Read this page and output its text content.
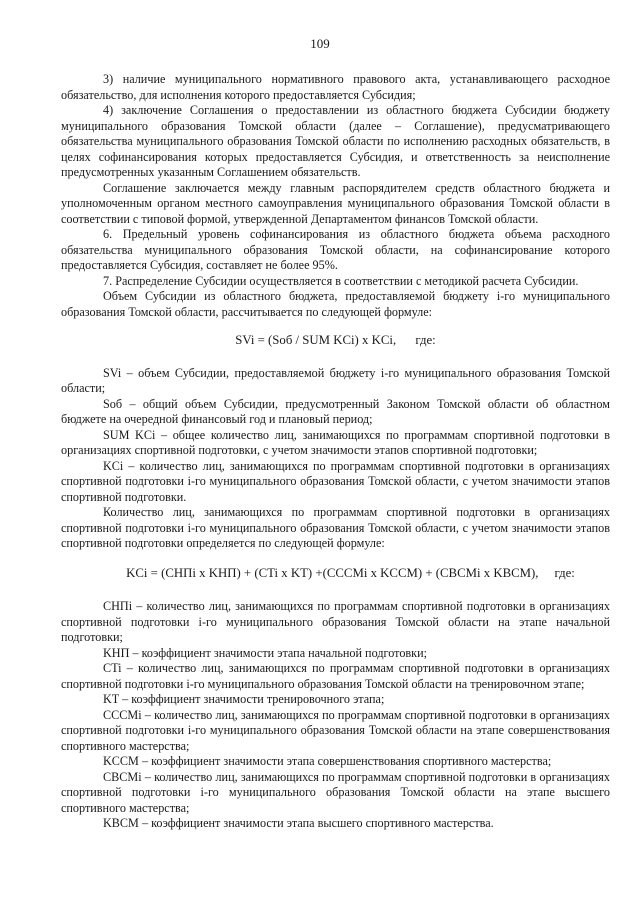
109

3) наличие муниципального нормативного правового акта, устанавливающего расходное обязательство, для исполнения которого предоставляется Субсидия;

4) заключение Соглашения о предоставлении из областного бюджета Субсидии бюджету муниципального образования Томской области (далее – Соглашение), предусматривающего обязательства муниципального образования Томской области по исполнению расходных обязательств, в целях софинансирования которых предоставляется Субсидия, и ответственность за неисполнение предусмотренных указанным Соглашением обязательств.

Соглашение заключается между главным распорядителем средств областного бюджета и уполномоченным органом местного самоуправления муниципального образования Томской области в соответствии с типовой формой, утвержденной Департаментом финансов Томской области.

6. Предельный уровень софинансирования из областного бюджета объема расходного обязательства муниципального образования Томской области, на софинансирование которого предоставляется Субсидия, составляет не более 95%.

7. Распределение Субсидии осуществляется в соответствии с методикой расчета Субсидии.

Объем Субсидии из областного бюджета, предоставляемой бюджету i-го муниципального образования Томской области, рассчитывается по следующей формуле:

SVi = (Sоб / SUM KCi) x KCi,      где:

SVi – объем Субсидии, предоставляемой бюджету i-го муниципального образования Томской области;

Sоб – общий объем Субсидии, предусмотренный Законом Томской области об областном бюджете на очередной финансовый год и плановый период;

SUM KCi – общее количество лиц, занимающихся по программам спортивной подготовки в организациях спортивной подготовки, с учетом значимости этапов спортивной подготовки;

KCi – количество лиц, занимающихся по программам спортивной подготовки в организациях спортивной подготовки i-го муниципального образования Томской области, с учетом значимости этапов спортивной подготовки.

Количество лиц, занимающихся по программам спортивной подготовки в организациях спортивной подготовки i-го муниципального образования Томской области, с учетом значимости этапов спортивной подготовки определяется по следующей формуле:

KCi = (CHПi x KHП) + (CTi x KT) +(CCCMi x KCCM) + (CBCMi x KBCM),     где:

CHПi – количество лиц, занимающихся по программам спортивной подготовки в организациях спортивной подготовки i-го муниципального образования Томской области на этапе начальной подготовки;

KHП – коэффициент значимости этапа начальной подготовки;

CTi – количество лиц, занимающихся по программам спортивной подготовки в организациях спортивной подготовки i-го муниципального образования Томской области на тренировочном этапе;

KT – коэффициент значимости тренировочного этапа;

CCCMi – количество лиц, занимающихся по программам спортивной подготовки в организациях спортивной подготовки i-го муниципального образования Томской области на этапе совершенствования спортивного мастерства;

KCCM – коэффициент значимости этапа совершенствования спортивного мастерства;

CBCMi – количество лиц, занимающихся по программам спортивной подготовки в организациях спортивной подготовки i-го муниципального образования Томской области на этапе высшего спортивного мастерства;

KBCM – коэффициент значимости этапа высшего спортивного мастерства.
